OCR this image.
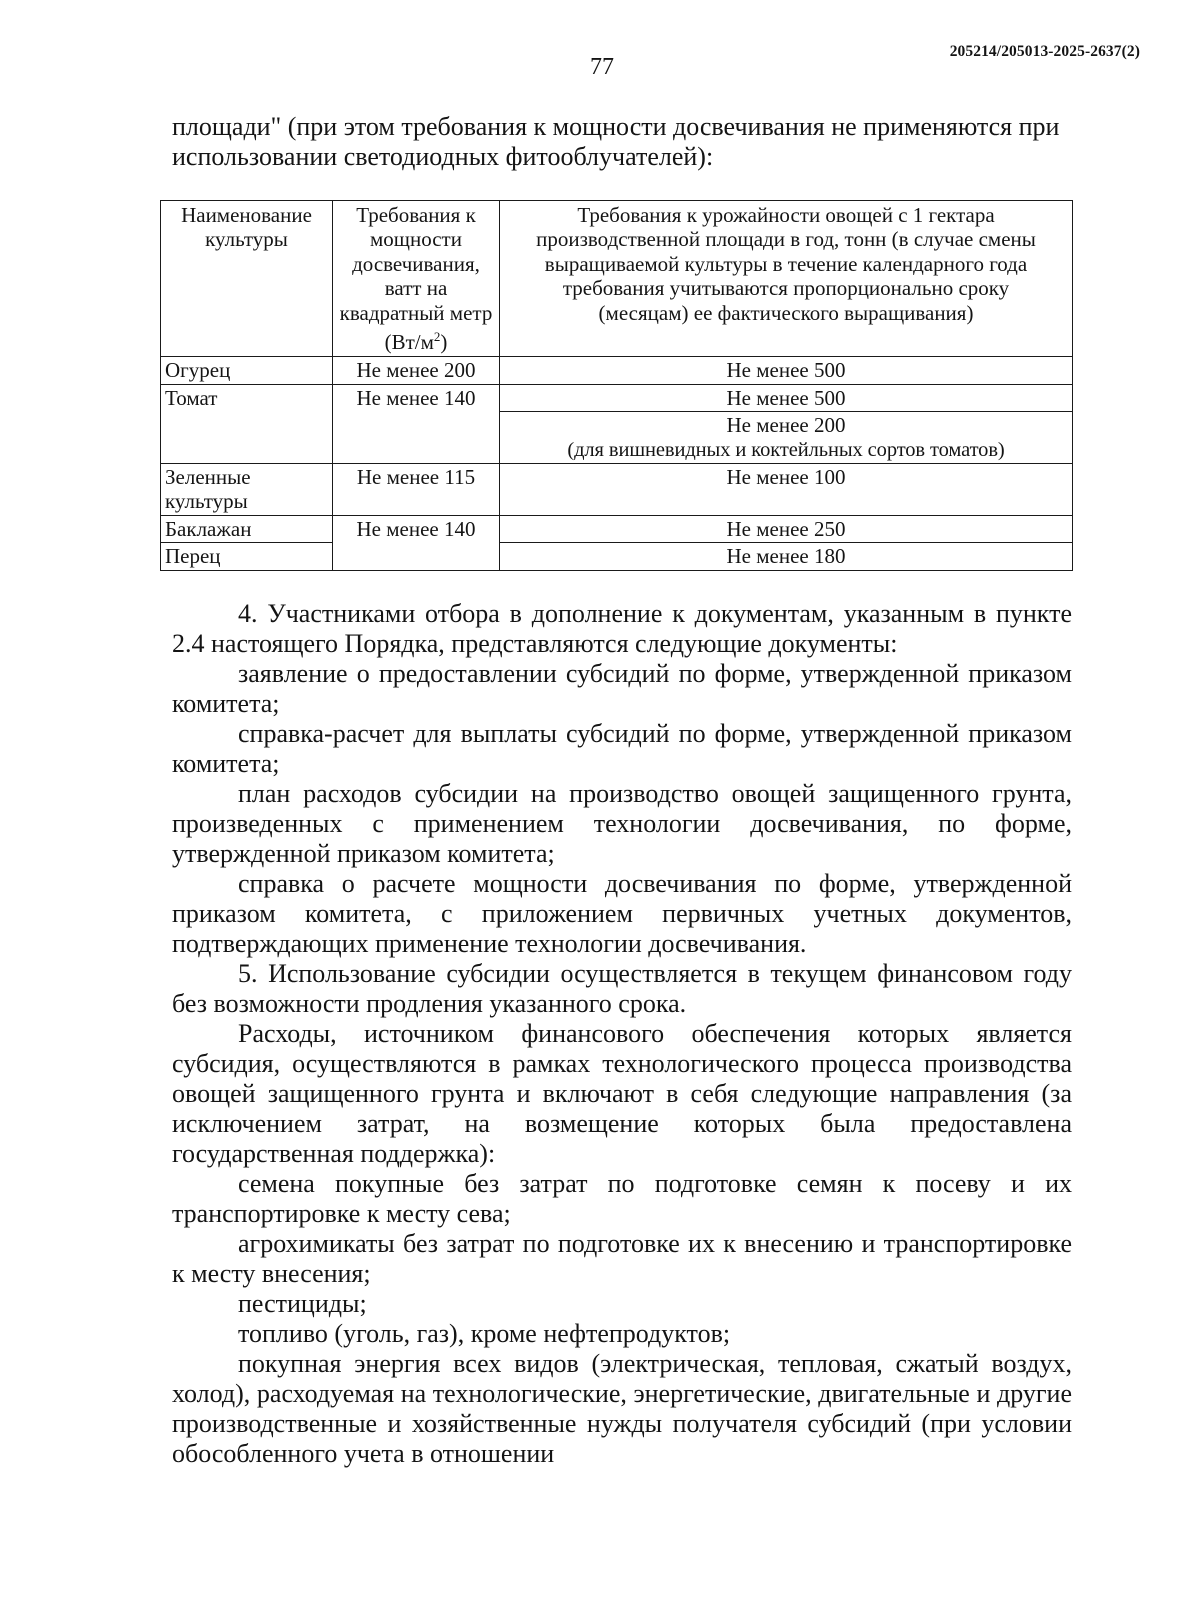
77
205214/205013-2025-2637(2)

площади" (при этом требования к мощности досвечивания не применяются при использовании светодиодных фитооблучателей):

Наименование культуры	Требования к мощности досвечивания, ватт на квадратный метр $(Вт/м^2)$	Требования к урожайности овощей с 1 гектара производственной площади в год, тонн (в случае смены выращиваемой культуры в течение календарного года требования учитываются пропорционально сроку (месяцам) ее фактического выращивания)
Огурец	Не менее 200	Не менее 500
Томат	Не менее 140	Не менее 500

		Не менее 200
(для вишневидных и коктейльных сортов томатов)

Зеленные культуры	Не менее 115	Не менее 100
Баклажан	Не менее 140	Не менее 250
Перец		Не менее 180

4. Участниками отбора в дополнение к документам, указанным в пункте 2.4 настоящего Порядка, представляются следующие документы:

заявление о предоставлении субсидий по форме, утвержденной приказом комитета;

справка-расчет для выплаты субсидий по форме, утвержденной приказом комитета;

план расходов субсидии на производство овощей защищенного грунта, произведенных с применением технологии досвечивания, по форме, утвержденной приказом комитета;

справка о расчете мощности досвечивания по форме, утвержденной приказом комитета, с приложением первичных учетных документов, подтверждающих применение технологии досвечивания.

5. Использование субсидии осуществляется в текущем финансовом году без возможности продления указанного срока.

Расходы, источником финансового обеспечения которых является субсидия, осуществляются в рамках технологического процесса производства овощей защищенного грунта и включают в себя следующие направления (за исключением затрат, на возмещение которых была предоставлена государственная поддержка):

семена покупные без затрат по подготовке семян к посеву и их транспортировке к месту сева;

агрохимикаты без затрат по подготовке их к внесению и транспортировке к месту внесения;

пестициды;

топливо (уголь, газ), кроме нефтепродуктов;

покупная энергия всех видов (электрическая, тепловая, сжатый воздух, холод), расходуемая на технологические, энергетические, двигательные и другие производственные и хозяйственные нужды получателя субсидий (при условии обособленного учета в отношении
